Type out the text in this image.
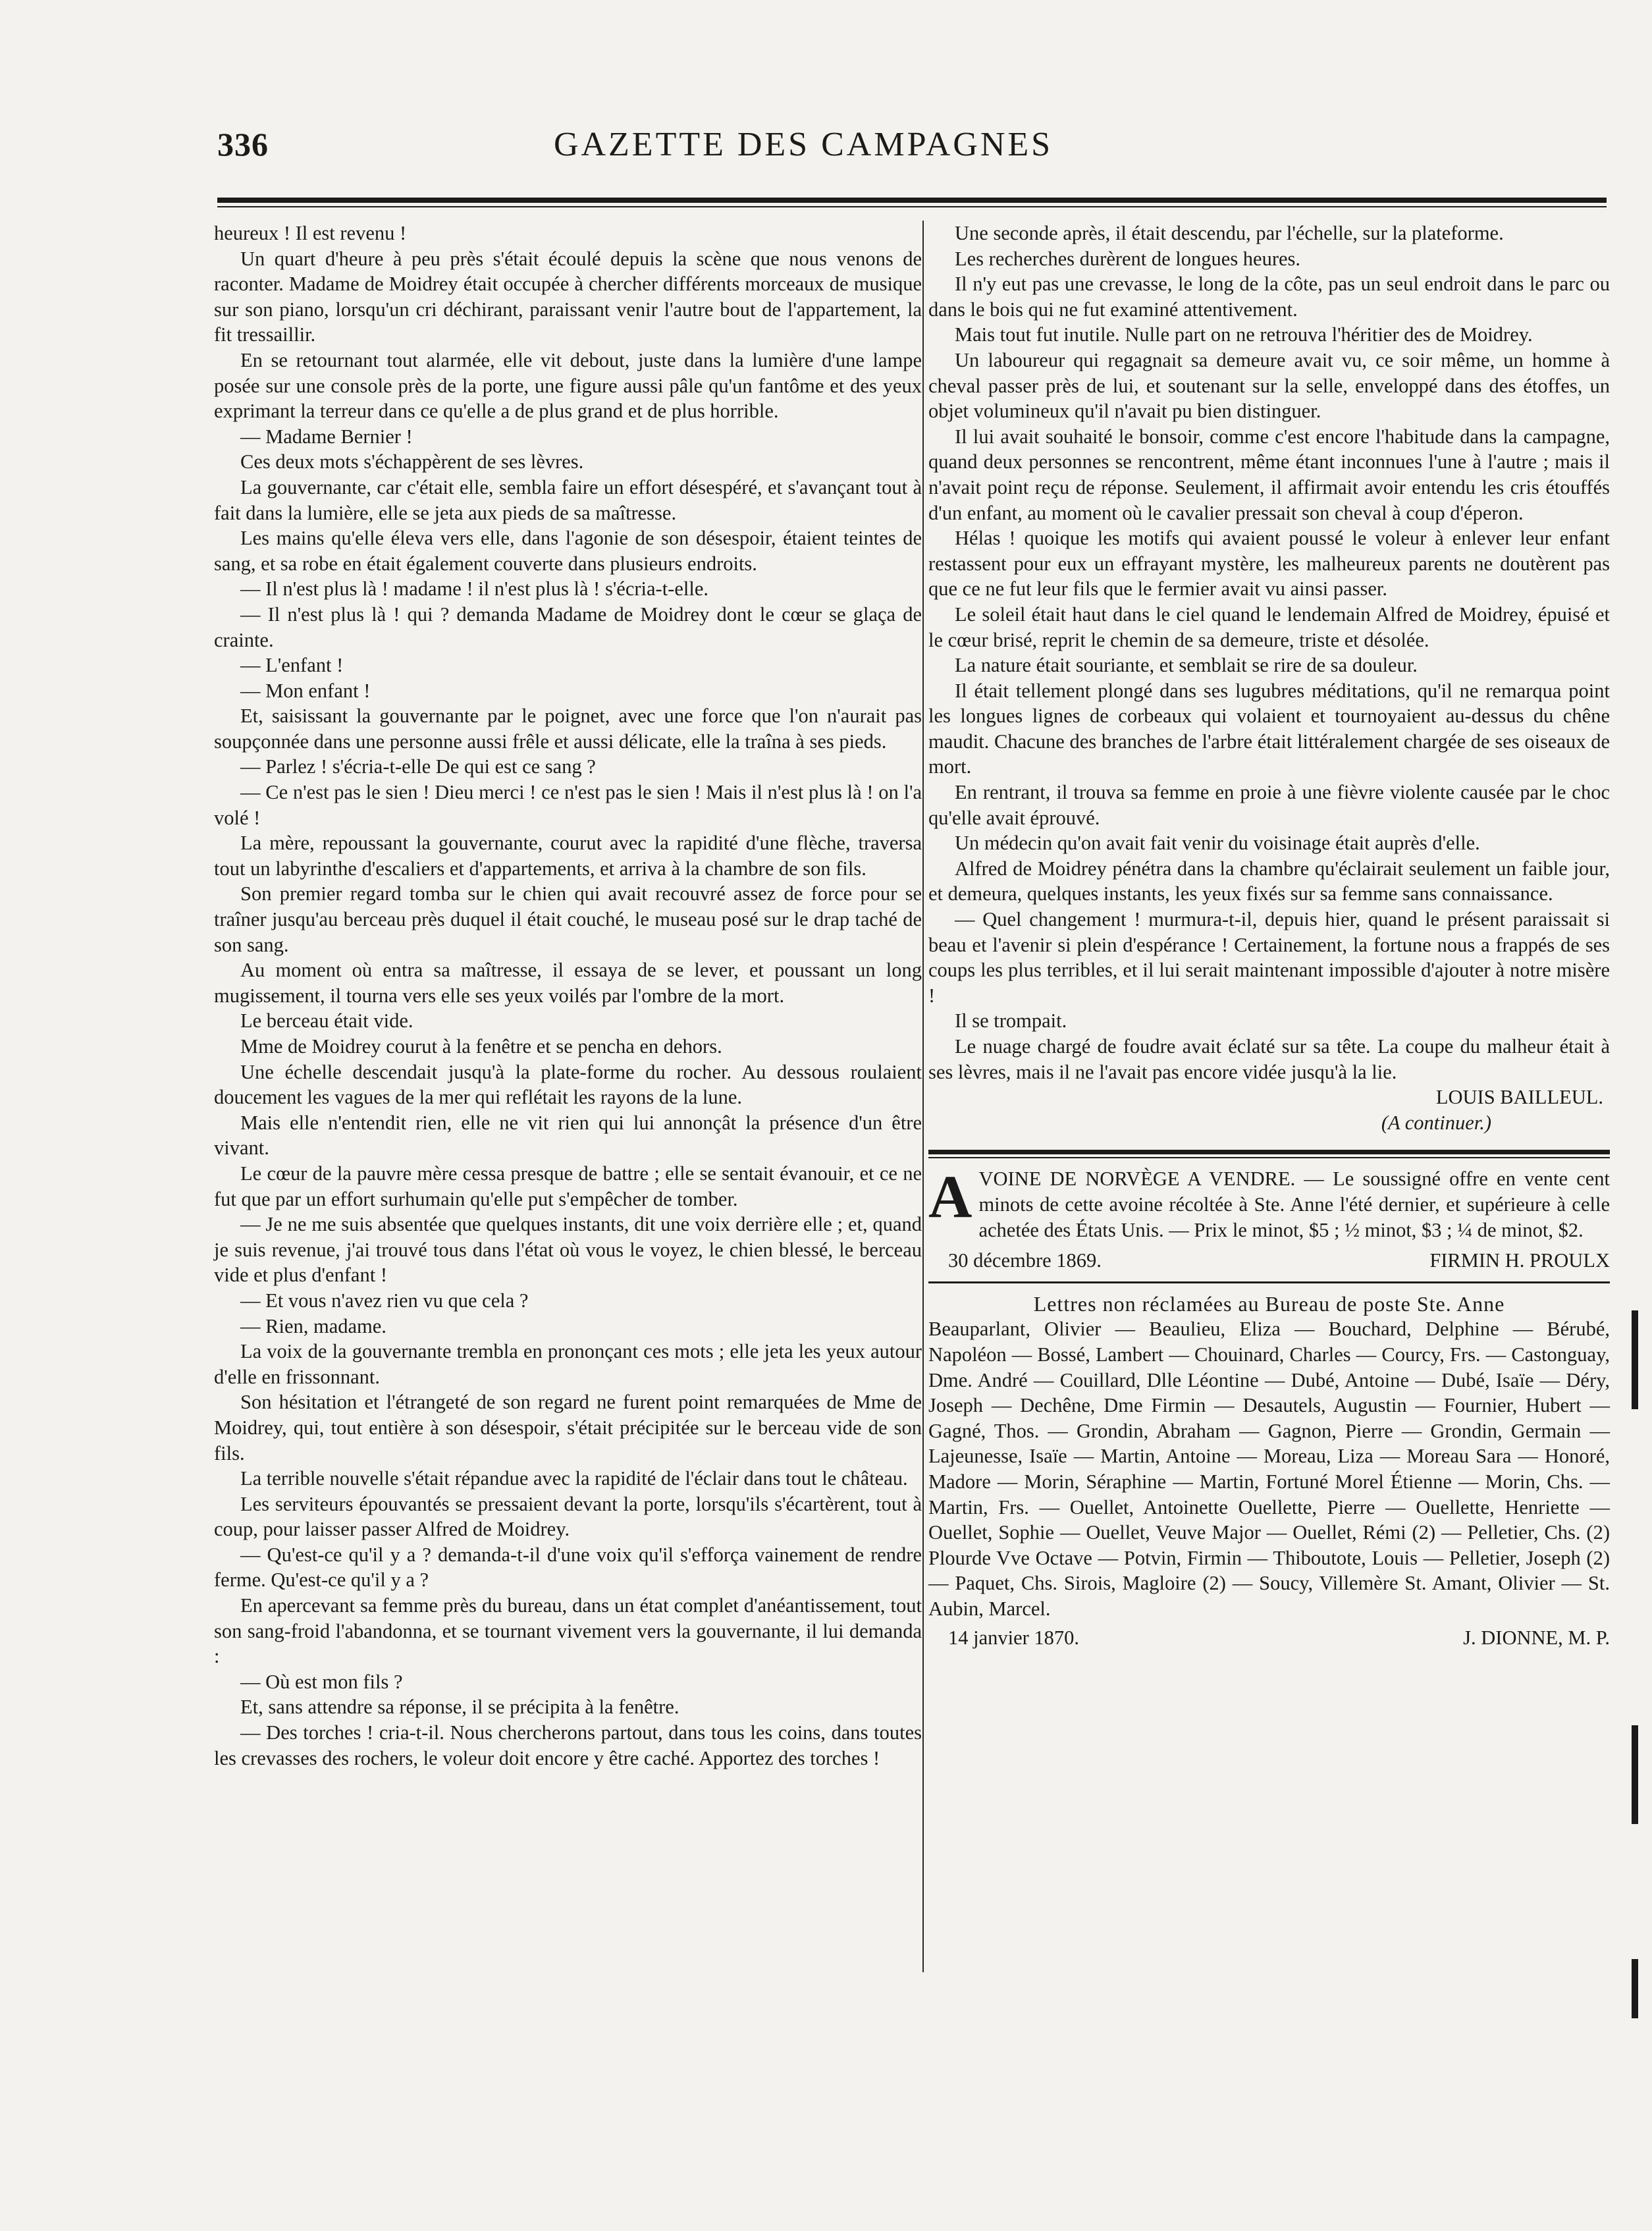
336	GAZETTE DES CAMPAGNES

heureux ! Il est revenu !

Un quart d'heure à peu près s'était écoulé depuis la scène que nous venons de raconter. Madame de Moidrey était occupée à chercher différents morceaux de musique sur son piano, lorsqu'un cri déchirant, paraissant venir l'autre bout de l'appartement, la fit tressaillir.

En se retournant tout alarmée, elle vit debout, juste dans la lumière d'une lampe posée sur une console près de la porte, une figure aussi pâle qu'un fantôme et des yeux exprimant la terreur dans ce qu'elle a de plus grand et de plus horrible.

— Madame Bernier !

Ces deux mots s'échappèrent de ses lèvres.

La gouvernante, car c'était elle, sembla faire un effort désespéré, et s'avançant tout à fait dans la lumière, elle se jeta aux pieds de sa maîtresse.

Les mains qu'elle éleva vers elle, dans l'agonie de son désespoir, étaient teintes de sang, et sa robe en était également couverte dans plusieurs endroits.

— Il n'est plus là ! madame ! il n'est plus là ! s'écria-t-elle.

— Il n'est plus là ! qui ? demanda Madame de Moidrey dont le cœur se glaça de crainte.

— L'enfant !

— Mon enfant !

Et, saisissant la gouvernante par le poignet, avec une force que l'on n'aurait pas soupçonnée dans une personne aussi frêle et aussi délicate, elle la traîna à ses pieds.

— Parlez ! s'écria-t-elle De qui est ce sang ?

— Ce n'est pas le sien ! Dieu merci ! ce n'est pas le sien ! Mais il n'est plus là ! on l'a volé !

La mère, repoussant la gouvernante, courut avec la rapidité d'une flèche, traversa tout un labyrinthe d'escaliers et d'appartements, et arriva à la chambre de son fils.

Son premier regard tomba sur le chien qui avait recouvré assez de force pour se traîner jusqu'au berceau près duquel il était couché, le museau posé sur le drap taché de son sang.

Au moment où entra sa maîtresse, il essaya de se lever, et poussant un long mugissement, il tourna vers elle ses yeux voilés par l'ombre de la mort.

Le berceau était vide.

Mme de Moidrey courut à la fenêtre et se pencha en dehors.

Une échelle descendait jusqu'à la plate-forme du rocher. Au dessous roulaient doucement les vagues de la mer qui reflétait les rayons de la lune.

Mais elle n'entendit rien, elle ne vit rien qui lui annonçât la présence d'un être vivant.

Le cœur de la pauvre mère cessa presque de battre ; elle se sentait évanouir, et ce ne fut que par un effort surhumain qu'elle put s'empêcher de tomber.

— Je ne me suis absentée que quelques instants, dit une voix derrière elle ; et, quand je suis revenue, j'ai trouvé tous dans l'état où vous le voyez, le chien blessé, le berceau vide et plus d'enfant !

— Et vous n'avez rien vu que cela ?

— Rien, madame.

La voix de la gouvernante trembla en prononçant ces mots ; elle jeta les yeux autour d'elle en frissonnant.

Son hésitation et l'étrangeté de son regard ne furent point remarquées de Mme de Moidrey, qui, tout entière à son désespoir, s'était précipitée sur le berceau vide de son fils.

La terrible nouvelle s'était répandue avec la rapidité de l'éclair dans tout le château.

Les serviteurs épouvantés se pressaient devant la porte, lorsqu'ils s'écartèrent, tout à coup, pour laisser passer Alfred de Moidrey.

— Qu'est-ce qu'il y a ? demanda-t-il d'une voix qu'il s'efforça vainement de rendre ferme. Qu'est-ce qu'il y a ?

En apercevant sa femme près du bureau, dans un état complet d'anéantissement, tout son sang-froid l'abandonna, et se tournant vivement vers la gouvernante, il lui demanda :

— Où est mon fils ?

Et, sans attendre sa réponse, il se précipita à la fenêtre.

— Des torches ! cria-t-il. Nous chercherons partout, dans tous les coins, dans toutes les crevasses des rochers, le voleur doit encore y être caché. Apportez des torches !

Une seconde après, il était descendu, par l'échelle, sur la plateforme.

Les recherches durèrent de longues heures.

Il n'y eut pas une crevasse, le long de la côte, pas un seul endroit dans le parc ou dans le bois qui ne fut examiné attentivement.

Mais tout fut inutile. Nulle part on ne retrouva l'héritier des de Moidrey.

Un laboureur qui regagnait sa demeure avait vu, ce soir même, un homme à cheval passer près de lui, et soutenant sur la selle, enveloppé dans des étoffes, un objet volumineux qu'il n'avait pu bien distinguer.

Il lui avait souhaité le bonsoir, comme c'est encore l'habitude dans la campagne, quand deux personnes se rencontrent, même étant inconnues l'une à l'autre ; mais il n'avait point reçu de réponse. Seulement, il affirmait avoir entendu les cris étouffés d'un enfant, au moment où le cavalier pressait son cheval à coup d'éperon.

Hélas ! quoique les motifs qui avaient poussé le voleur à enlever leur enfant restassent pour eux un effrayant mystère, les malheureux parents ne doutèrent pas que ce ne fut leur fils que le fermier avait vu ainsi passer.

Le soleil était haut dans le ciel quand le lendemain Alfred de Moidrey, épuisé et le cœur brisé, reprit le chemin de sa demeure, triste et désolée.

La nature était souriante, et semblait se rire de sa douleur.

Il était tellement plongé dans ses lugubres méditations, qu'il ne remarqua point les longues lignes de corbeaux qui volaient et tournoyaient au-dessus du chêne maudit. Chacune des branches de l'arbre était littéralement chargée de ses oiseaux de mort.

En rentrant, il trouva sa femme en proie à une fièvre violente causée par le choc qu'elle avait éprouvé.

Un médecin qu'on avait fait venir du voisinage était auprès d'elle.

Alfred de Moidrey pénétra dans la chambre qu'éclairait seulement un faible jour, et demeura, quelques instants, les yeux fixés sur sa femme sans connaissance.

— Quel changement ! murmura-t-il, depuis hier, quand le présent paraissait si beau et l'avenir si plein d'espérance ! Certainement, la fortune nous a frappés de ses coups les plus terribles, et il lui serait maintenant impossible d'ajouter à notre misère !

Il se trompait.

Le nuage chargé de foudre avait éclaté sur sa tête. La coupe du malheur était à ses lèvres, mais il ne l'avait pas encore vidée jusqu'à la lie.

LOUIS BAILLEUL.

(A continuer.)

A VOINE DE NORVÈGE A VENDRE. — Le soussigné offre en vente cent minots de cette avoine récoltée à Ste. Anne l'été dernier, et supérieure à celle achetée des États Unis. — Prix le minot, $5 ; ½ minot, $3 ; ¼ de minot, $2.

30 décembre 1869.	FIRMIN H. PROULX

Lettres non réclamées au Bureau de poste Ste. Anne

Beauparlant, Olivier — Beaulieu, Eliza — Bouchard, Delphine — Bérubé, Napoléon — Bossé, Lambert — Chouinard, Charles — Courcy, Frs. — Castonguay, Dme. André — Couillard, Dlle Léontine — Dubé, Antoine — Dubé, Isaïe — Déry, Joseph — Dechêne, Dme Firmin — Desautels, Augustin — Fournier, Hubert — Gagné, Thos. — Grondin, Abraham — Gagnon, Pierre — Grondin, Germain — Lajeunesse, Isaïe — Martin, Antoine — Moreau, Liza — Moreau Sara — Honoré, Madore — Morin, Séraphine — Martin, Fortuné Morel Étienne — Morin, Chs. — Martin, Frs. — Ouellet, Antoinette Ouellette, Pierre — Ouellette, Henriette — Ouellet, Sophie — Ouellet, Veuve Major — Ouellet, Rémi (2) — Pelletier, Chs. (2) Plourde Vve Octave — Potvin, Firmin — Thiboutote, Louis — Pelletier, Joseph (2) — Paquet, Chs. Sirois, Magloire (2) — Soucy, Villemère St. Amant, Olivier — St. Aubin, Marcel.

14 janvier 1870.	J. DIONNE, M. P.
